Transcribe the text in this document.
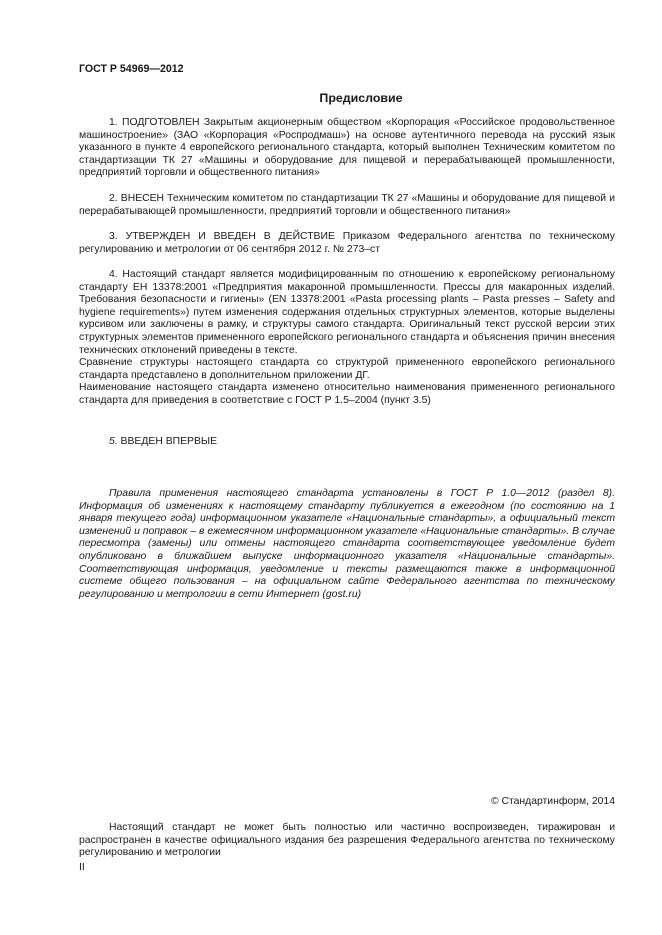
ГОСТ Р 54969—2012
Предисловие

1. ПОДГОТОВЛЕН Закрытым акционерным обществом «Корпорация «Российское продовольственное машиностроение» (ЗАО «Корпорация «Роспродмаш») на основе аутентичного перевода на русский язык указанного в пункте 4 европейского регионального стандарта, который выполнен Техническим комитетом по стандартизации ТК 27 «Машины и оборудование для пищевой и перерабатывающей промышленности, предприятий торговли и общественного питания»

2. ВНЕСЕН Техническим комитетом по стандартизации ТК 27 «Машины и оборудование для пищевой и перерабатывающей промышленности, предприятий торговли и общественного питания»

3. УТВЕРЖДЕН И ВВЕДЕН В ДЕЙСТВИЕ Приказом Федерального агентства по техническому регулированию и метрологии от 06 сентября 2012 г. № 273–ст

4. Настоящий стандарт является модифицированным по отношению к европейскому региональному стандарту ЕН 13378:2001 «Предприятия макаронной промышленности. Прессы для макаронных изделий. Требования безопасности и гигиены» (EN 13378:2001 «Pasta processing plants – Pasta presses – Safety and hygiene requirements») путем изменения содержания отдельных структурных элементов, которые выделены курсивом или заключены в рамку, и структуры самого стандарта. Оригинальный текст русской версии этих структурных элементов примененного европейского регионального стандарта и объяснения причин внесения технических отклонений приведены в тексте.

Сравнение структуры настоящего стандарта со структурой примененного европейского регионального стандарта представлено в дополнительном приложении ДГ.

Наименование настоящего стандарта изменено относительно наименования примененного регионального стандарта для приведения в соответствие с ГОСТ Р 1.5–2004 (пункт 3.5)

5. ВВЕДЕН ВПЕРВЫЕ

Правила применения настоящего стандарта установлены в ГОСТ Р 1.0—2012 (раздел 8). Информация об изменениях к настоящему стандарту публикуется в ежегодном (по состоянию на 1 января текущего года) информационном указателе «Национальные стандарты», а официальный текст изменений и поправок – в ежемесячном информационном указателе «Национальные стандарты». В случае пересмотра (замены) или отмены настоящего стандарта соответствующее уведомление будет опубликовано в ближайшем выпуске информационного указателя «Национальные стандарты». Соответствующая информация, уведомление и тексты размещаются также в информационной системе общего пользования – на официальном сайте Федерального агентства по техническому регулированию и метрологии в сети Интернет (gost.ru)

© Стандартинформ, 2014

Настоящий стандарт не может быть полностью или частично воспроизведен, тиражирован и распространен в качестве официального издания без разрешения Федерального агентства по техническому регулированию и метрологии

II
